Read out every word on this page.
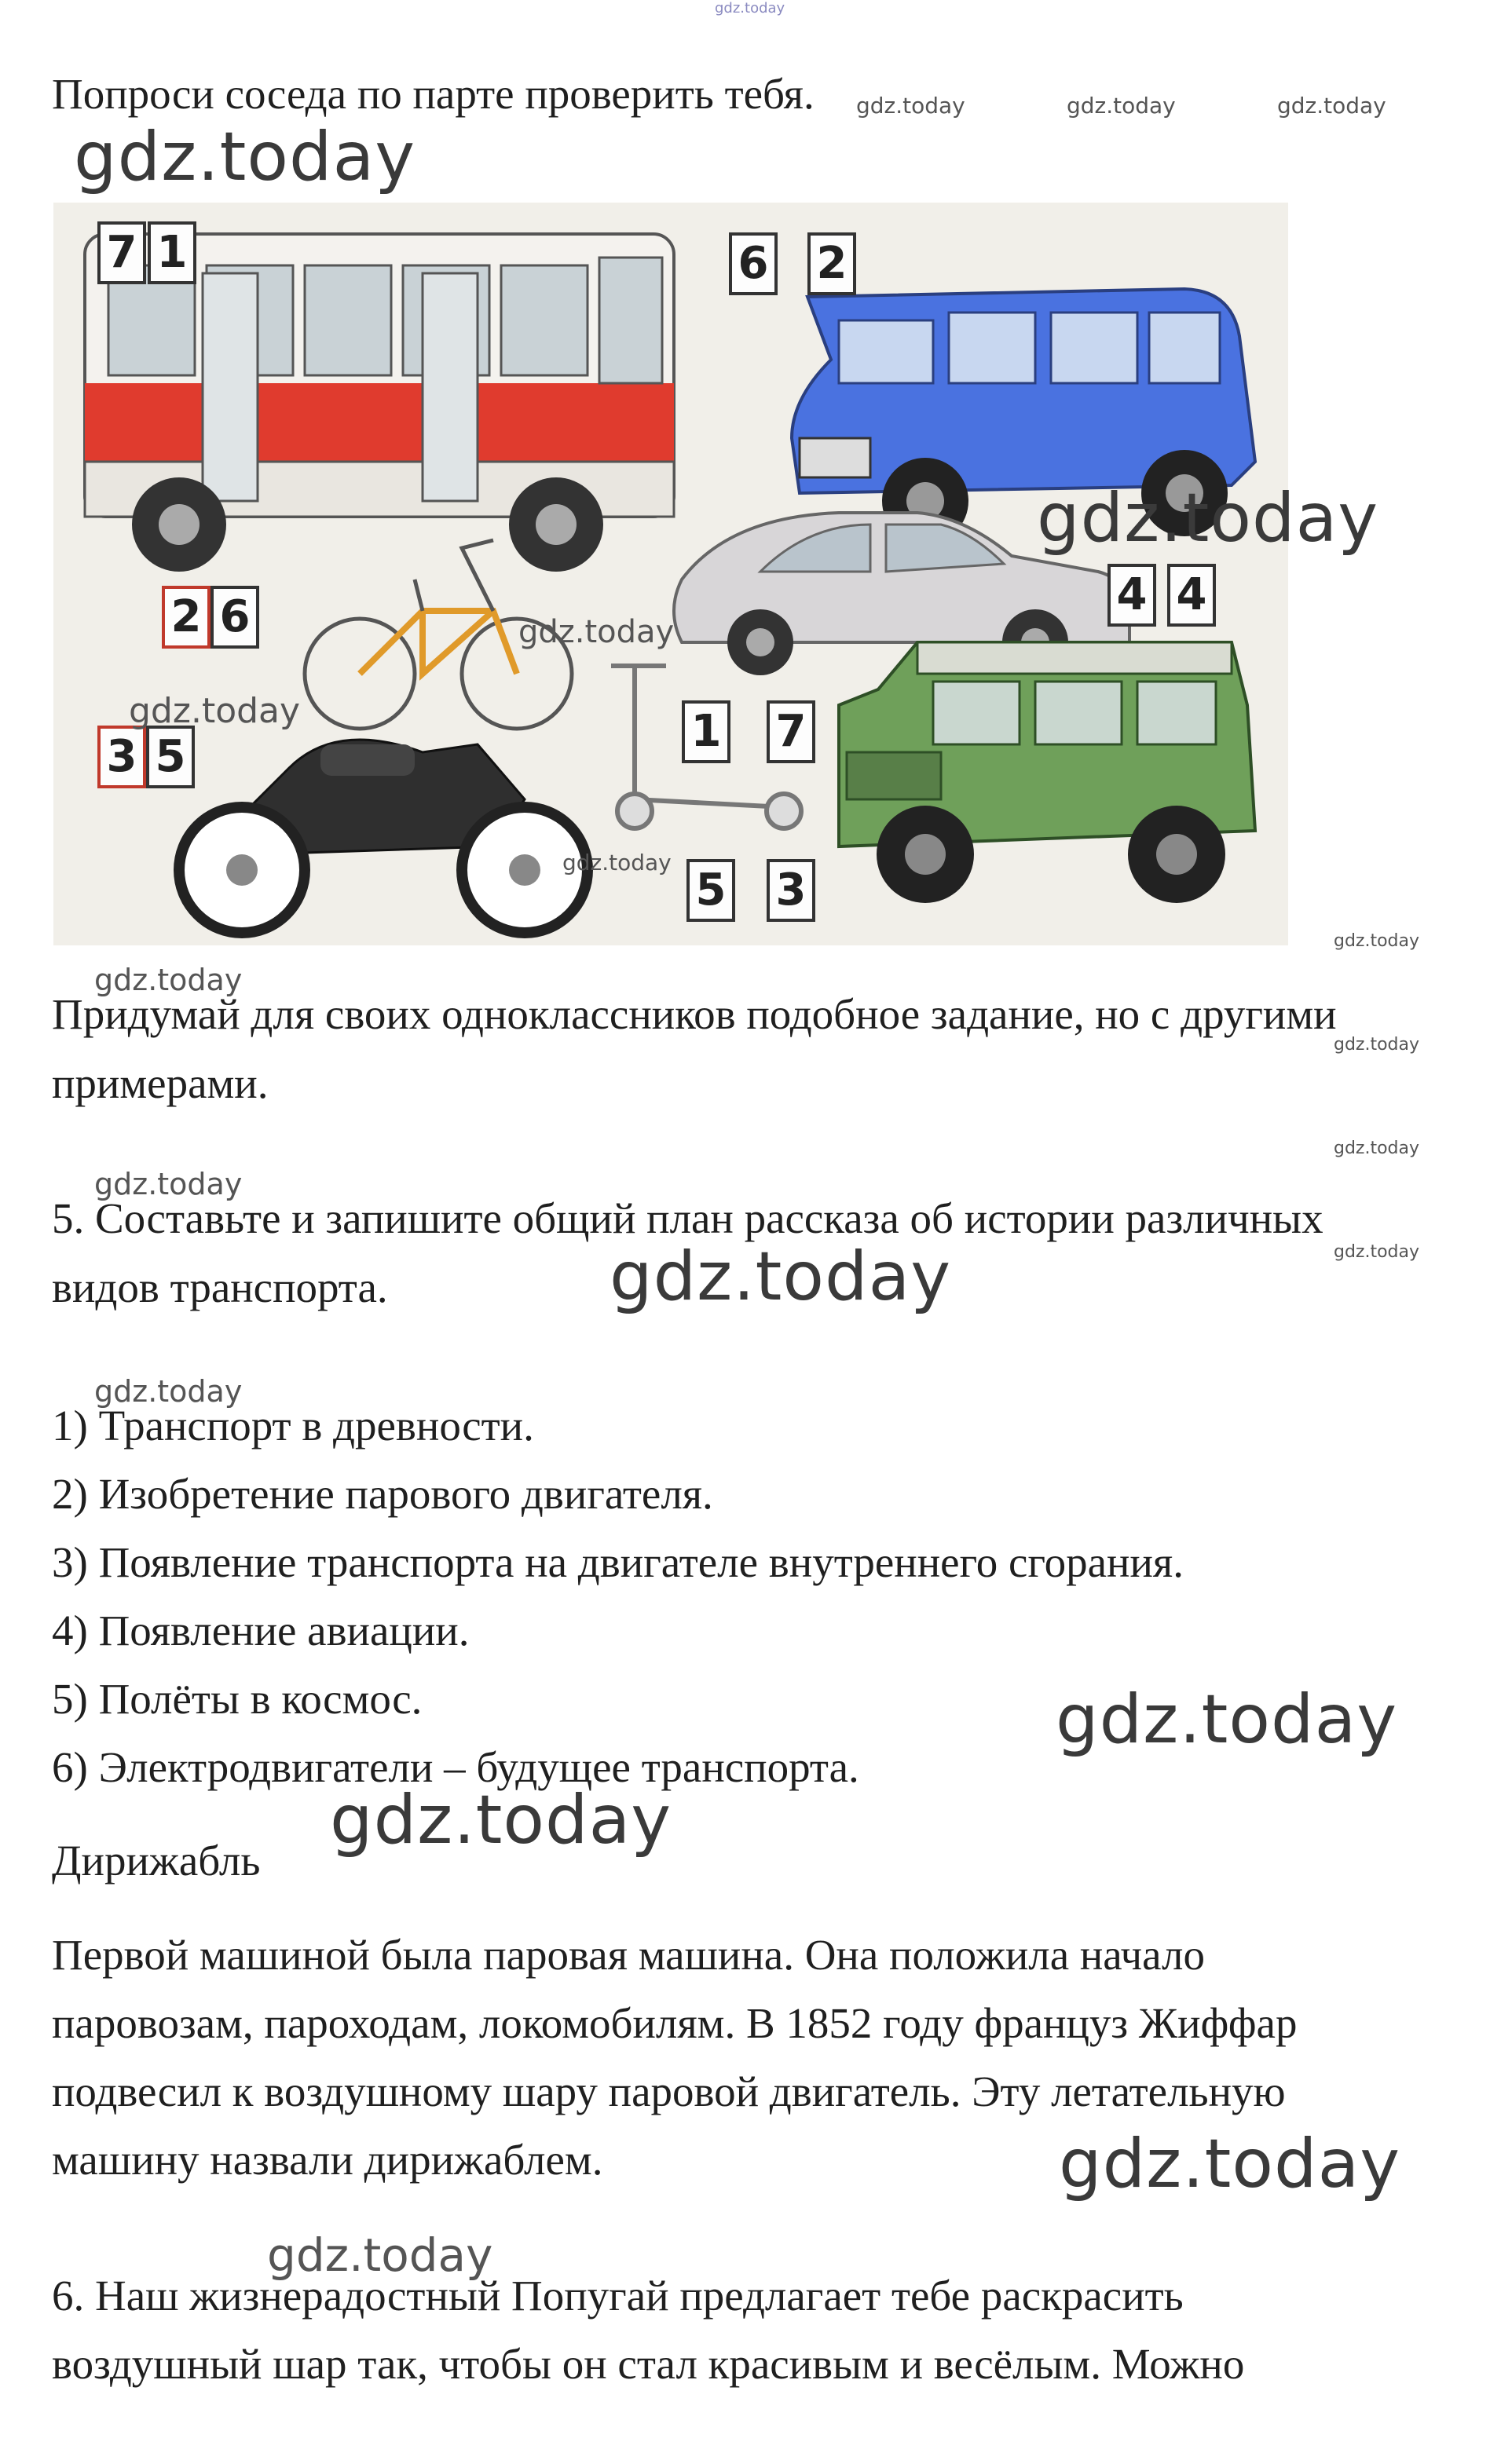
gdz.today
Попроси соседа по парте проверить тебя. gdz.today	gdz.today	gdz.today
gdz.today
7 1	6 2
4 4
2 6
1 7
3 5
5 3
gdz.today
gdz.today
gdz.today
gdz.today
gdz.today
gdz.today
Придумай для своих одноклассников подобное задание, но с другими
gdz.today
примерами.
gdz.today
gdz.today
5. Составьте и запишите общий план рассказа об истории различных
gdz.today
видов транспорта.	gdz.today
gdz.today
1) Транспорт в древности.
2) Изобретение парового двигателя.
3) Появление транспорта на двигателе внутреннего сгорания.
4) Появление авиации.
5) Полёты в космос.
6) Электродвигатели – будущее транспорта.
gdz.today
Дирижабль
gdz.today
Первой машиной была паровая машина. Она положила начало
паровозам, пароходам, локомобилям. В 1852 году француз Жиффар
подвесил к воздушному шару паровой двигатель. Эту летательную
машину назвали дирижаблем.	gdz.today
gdz.today
6. Наш жизнерадостный Попугай предлагает тебе раскрасить
воздушный шар так, чтобы он стал красивым и весёлым. Можно
